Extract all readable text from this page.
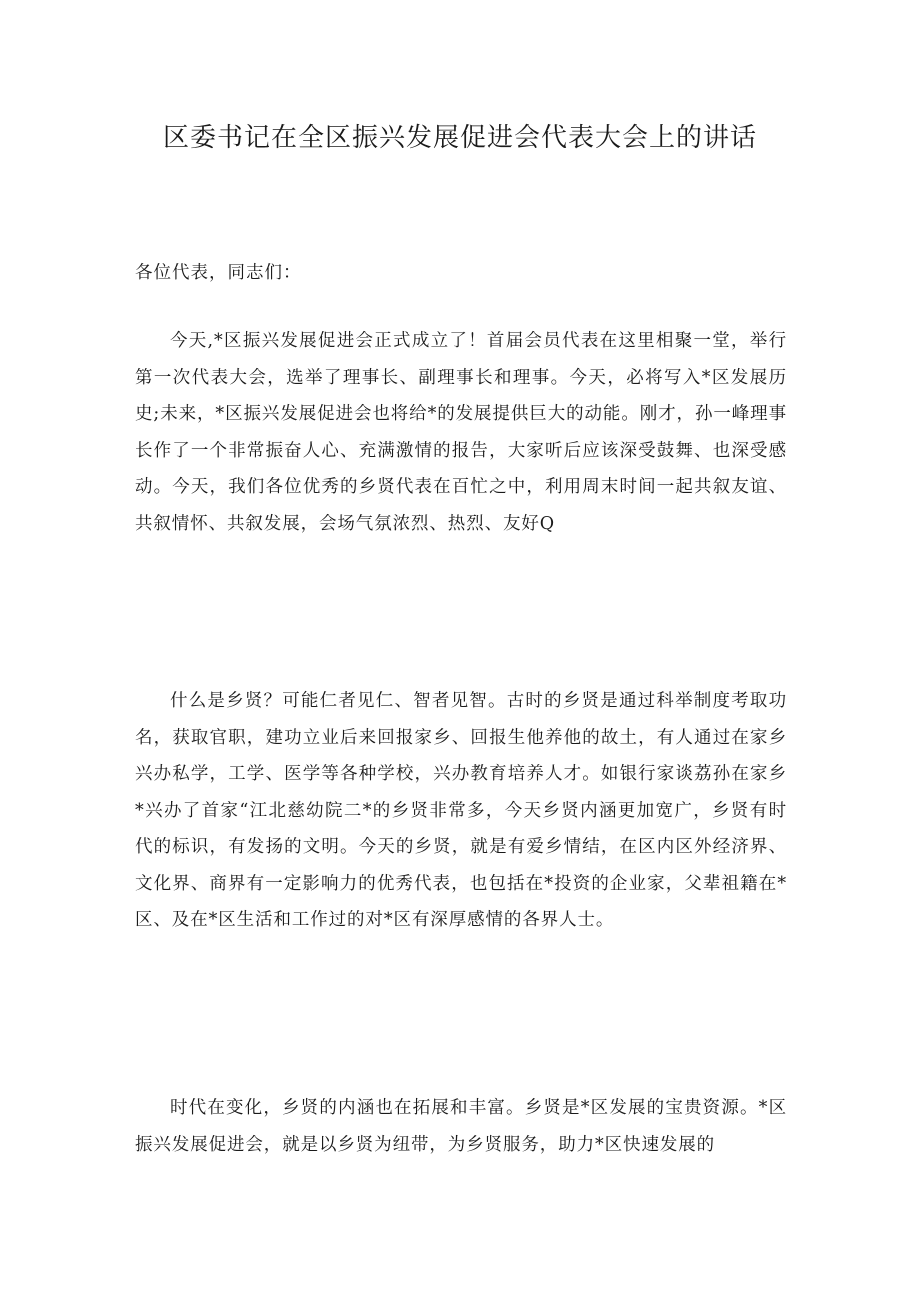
区委书记在全区振兴发展促进会代表大会上的讲话

各位代表，同志们：

今天,*区振兴发展促进会正式成立了！首届会员代表在这里相聚一堂，举行第一次代表大会，选举了理事长、副理事长和理事。今天，必将写入*区发展历史;未来，*区振兴发展促进会也将给*的发展提供巨大的动能。刚才，孙一峰理事长作了一个非常振奋人心、充满激情的报告，大家听后应该深受鼓舞、也深受感动。今天，我们各位优秀的乡贤代表在百忙之中，利用周末时间一起共叙友谊、共叙情怀、共叙发展，会场气氛浓烈、热烈、友好Q

什么是乡贤？可能仁者见仁、智者见智。古时的乡贤是通过科举制度考取功名，获取官职，建功立业后来回报家乡、回报生他养他的故土，有人通过在家乡兴办私学，工学、医学等各种学校，兴办教育培养人才。如银行家谈荔孙在家乡*兴办了首家“江北慈幼院二*的乡贤非常多，今天乡贤内涵更加宽广，乡贤有时代的标识，有发扬的文明。今天的乡贤，就是有爱乡情结，在区内区外经济界、文化界、商界有一定影响力的优秀代表，也包括在*投资的企业家，父辈祖籍在*区、及在*区生活和工作过的对*区有深厚感情的各界人士。

时代在变化，乡贤的内涵也在拓展和丰富。乡贤是*区发展的宝贵资源。*区振兴发展促进会，就是以乡贤为纽带，为乡贤服务，助力*区快速发展的
